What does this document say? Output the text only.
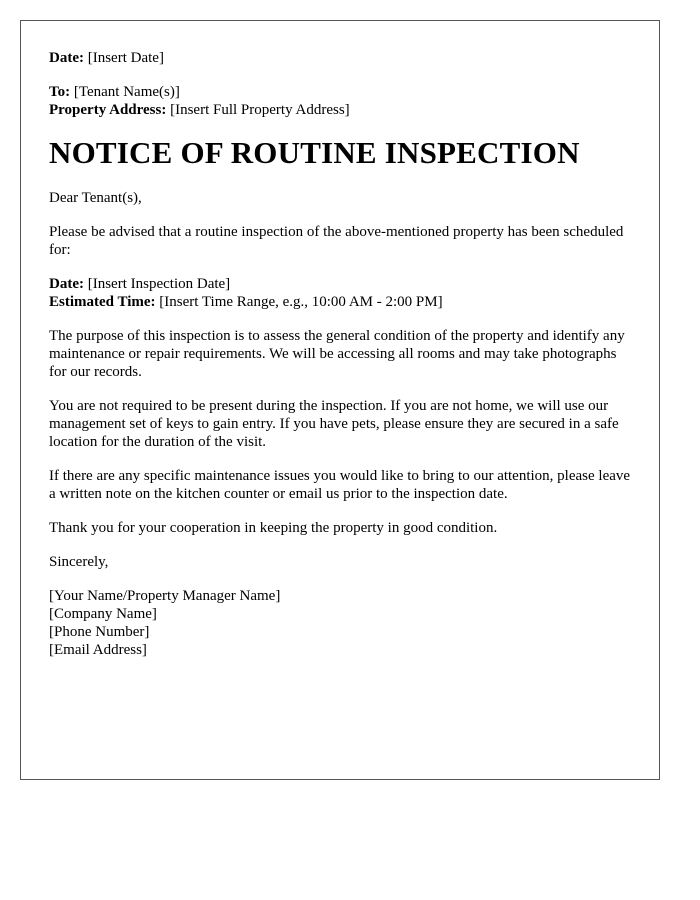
Date: [Insert Date]
To: [Tenant Name(s)]
Property Address: [Insert Full Property Address]
NOTICE OF ROUTINE INSPECTION

Dear Tenant(s),

Please be advised that a routine inspection of the above-mentioned property has been scheduled for:

Date: [Insert Inspection Date]
Estimated Time: [Insert Time Range, e.g., 10:00 AM - 2:00 PM]

The purpose of this inspection is to assess the general condition of the property and identify any maintenance or repair requirements. We will be accessing all rooms and may take photographs for our records.

You are not required to be present during the inspection. If you are not home, we will use our management set of keys to gain entry. If you have pets, please ensure they are secured in a safe location for the duration of the visit.

If there are any specific maintenance issues you would like to bring to our attention, please leave a written note on the kitchen counter or email us prior to the inspection date.

Thank you for your cooperation in keeping the property in good condition.

Sincerely,

[Your Name/Property Manager Name]
[Company Name]
[Phone Number]
[Email Address]
